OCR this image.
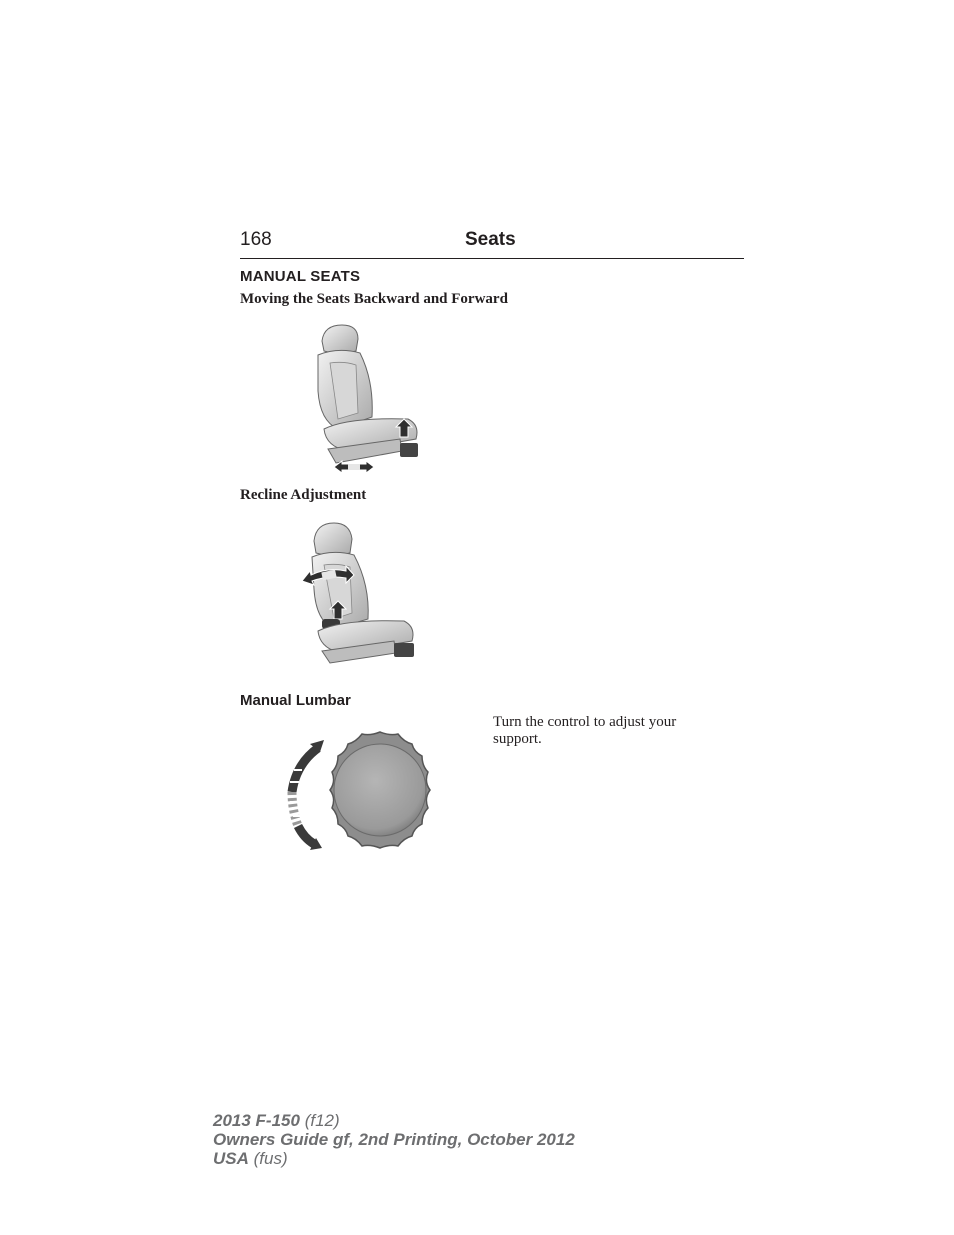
168	Seats
MANUAL SEATS
Moving the Seats Backward and Forward
Recline Adjustment
Manual Lumbar
Turn the control to adjust your support.
2013 F-150 (f12)
Owners Guide gf, 2nd Printing, October 2012
USA (fus)
